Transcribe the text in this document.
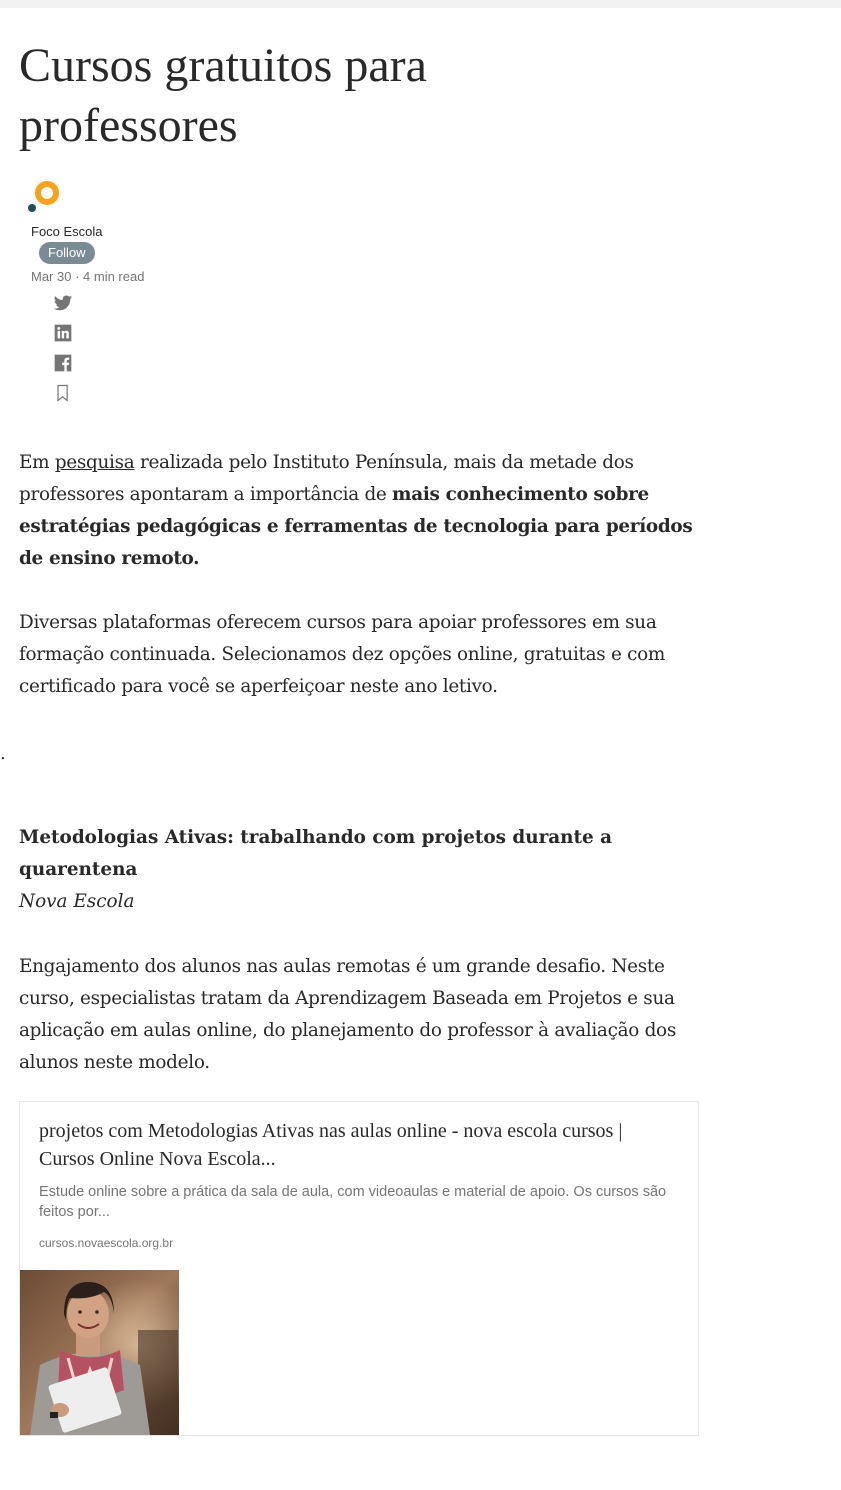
Cursos gratuitos para professores
Foco Escola
Follow
Mar 30 · 4 min read

Em pesquisa realizada pelo Instituto Península, mais da metade dos professores apontaram a importância de mais conhecimento sobre estratégias pedagógicas e ferramentas de tecnologia para períodos de ensino remoto.

Diversas plataformas oferecem cursos para apoiar professores em sua formação continuada. Selecionamos dez opções online, gratuitas e com certificado para você se aperfeiçoar neste ano letivo.

.
Metodologias Ativas: trabalhando com projetos durante a quarentena
Nova Escola

Engajamento dos alunos nas aulas remotas é um grande desafio. Neste curso, especialistas tratam da Aprendizagem Baseada em Projetos e sua aplicação em aulas online, do planejamento do professor à avaliação dos alunos neste modelo.

projetos com Metodologias Ativas nas aulas online - nova escola cursos | Cursos Online Nova Escola...
Estude online sobre a prática da sala de aula, com videoaulas e material de apoio. Os cursos são feitos por...
cursos.novaescola.org.br
